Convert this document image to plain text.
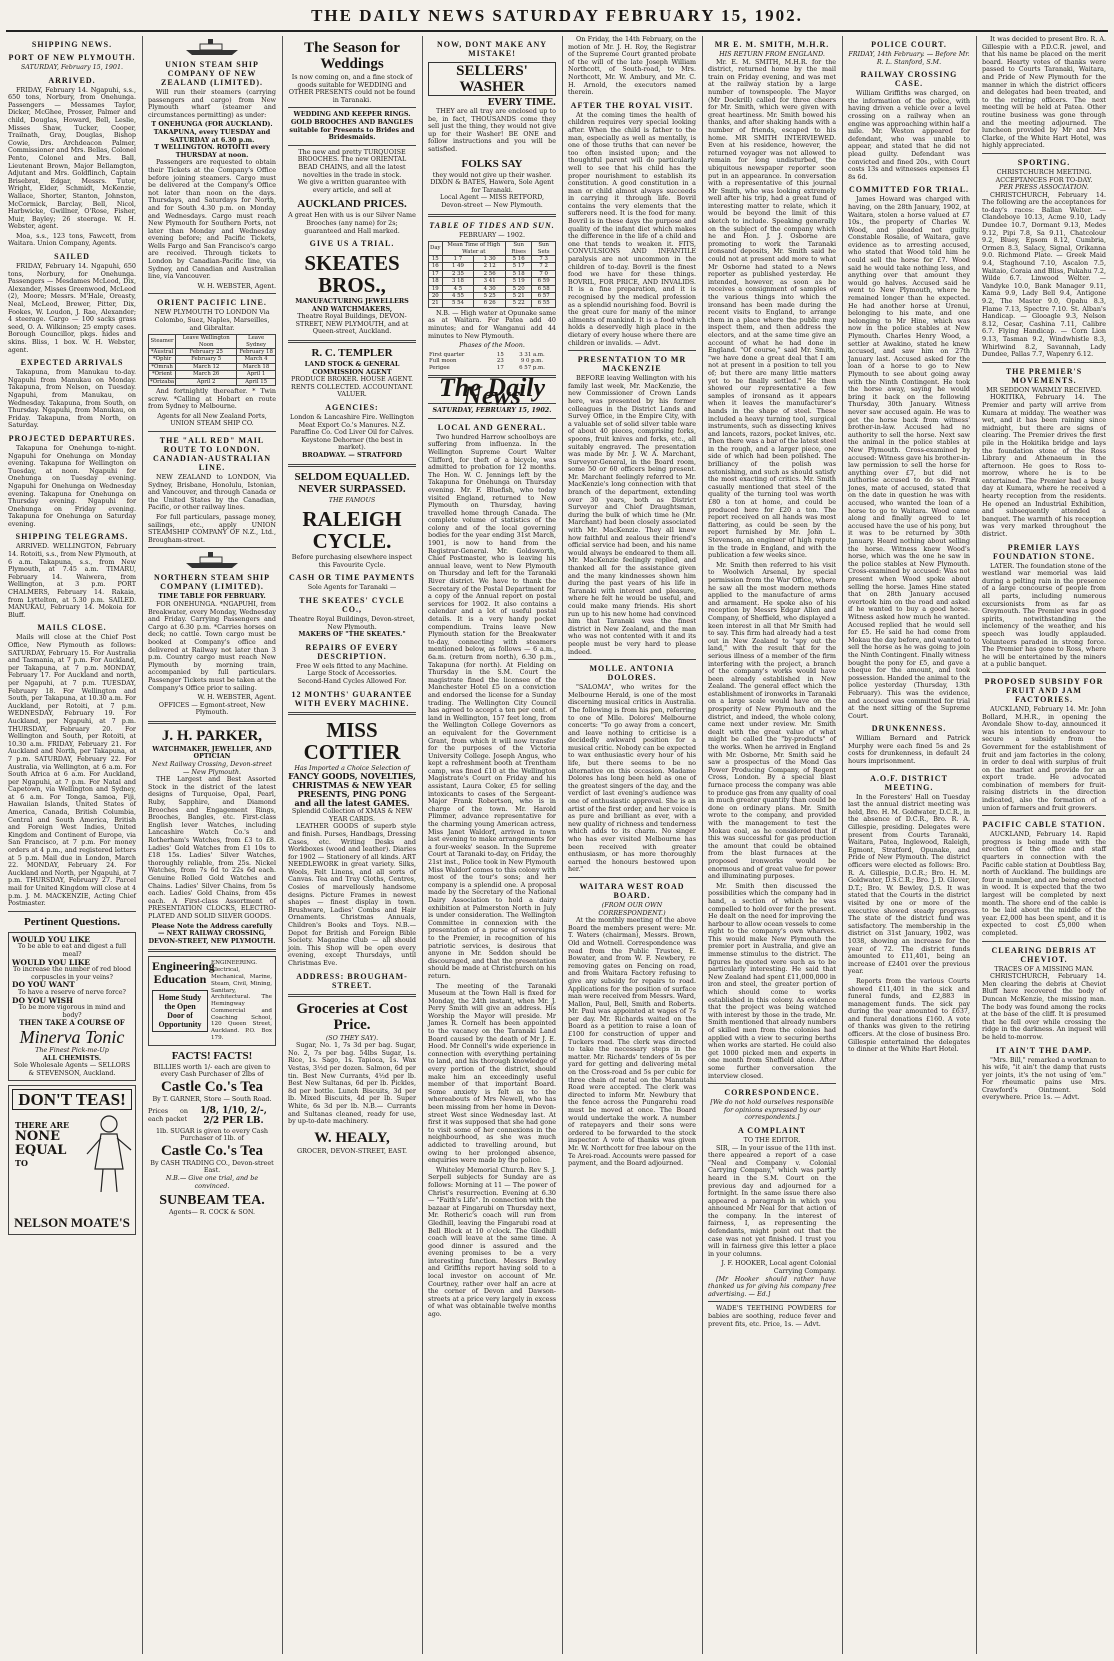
THE DAILY NEWS SATURDAY FEBRUARY 15, 1902.
SHIPPING NEWS.
PORT OF NEW PLYMOUTH.
SATURDAY, February 15, 1901.
ARRIVED.
FRIDAY, February 14. Ngapuhi, s.s., 650 tons, Norbury, from Onehunga. Passengers — Messames Taylor, Dicker, McGhee, Prosser, Palmer and child, Douglas, Howard, Bell, Leslie, Misses Shaw, Tucker, Cooper, Trailnath, Gray, Douglas, Bishop Cowie, Drs. Archdeacon Palmer, Commissioner and Mrs. Bellas, Colonel Pento, Colonel and Mrs. Ball, Lieutenant Brown, Major Bellamgton, Adjutant and Mrs. Goldflinch, Captain Brisebrat, Edgar, Messrs. Tutor, Wright, Elder, Schmidt, McKenzie, Wallace, Shorter, Stanton, Johnston, McCormick, Barclay, Bell, Nicol, Harbwicke, Gwillner, O'Rose, Fisher, Muir, Bayley; 26 steerage. W. H. Webster, agent.
Moa, s.s., 123 tons, Fawcett, from Waitara. Union Company, Agents.
SAILED
FRIDAY, February 14. Ngapuhi, 650 tons, Norbury, for Onehunga. Passengers — Mesdames McLeod, Dix, Alexander, Misses Greenwood, McLeod (2), Moore; Messrs. M'Hale, Oreasty, Neal, McLeod, Brewer, Pitter, Dix, Fookes, W. Loudon, J. Rae, Alexander; 4 steerage. Cargo — 100 sacks grass seed, O. A. Wilkinson; 25 empty cases. Borough Councillor, pkgs. hides and skins. Bliss, 1 box. W. H. Webster, agent.
EXPECTED ARRIVALS
Takapuna, from Manukau to-day. Ngapuhi from Manukau on Monday. Takapuna, from Nelson, on Tuesday. Ngapuhi, from Manukau, on Wednesday. Takapuna, from South, on Thursday. Ngapuhi, from Manukau, on Friday. Takapuna, from North, on Saturday.
PROJECTED DEPARTURES.
Takapuna for Onehunga to-night. Ngapuhi for Onehunga on Monday evening. Takapuna for Wellington on Tuesday, at noon. Ngapuhi for Onehunga on Tuesday evening. Ngapuhi for Onehunga on Wednesday evening. Takapuna for Onehunga on Thursday evening. Ngapuhi for Onehunga on Friday evening. Takapuna for Onehunga on Saturday evening.
SHIPPING TELEGRAMS.
ARRIVED. WELLINGTON, February 14. Rotoiti, s.s., from New Plymouth, at 6 a.m. Takapuna, s.s., from New Plymouth, at 7.45 a.m. TIMARU, February 14. Waiwera, from Wellington, at 3 p.m. PORT CHALMERS, February 14. Rakaia, from Lyttelton, at 5.30 p.m. SAILED. MANUKAU, February 14. Mokoia for Bluff.
MAILS CLOSE.
Mails will close at the Chief Post Office, New Plymouth as follows: SATURDAY, February 15. For Australia and Tasmania, at 7 p.m. For Auckland, per Takapuna, at 7 p.m. MONDAY, February 17. For Auckland and north, per Ngapuhi, at 7 p.m. TUESDAY, February 18. For Wellington and South, per Takapuna, at 10.30 a.m. For Auckland, per Rotoiti, at 7 p.m. WEDNESDAY, February 19. For Auckland, per Ngapuhi, at 7 p.m. THURSDAY, February 20. For Wellington and South, per Rotoiti, at 10.30 a.m. FRIDAY, February 21. For Auckland and North, per Takapuna, at 7 p.m. SATURDAY, February 22. For Australia, via Wellington, at 6 a.m. For South Africa at 6 a.m. For Auckland, per Ngapuhi, at 7 p.m. For Natal and Capetown, via Wellington and Sydney, at 6 a.m. For Tonga, Samoa, Fiji, Hawaiian Islands, United States of America, Canada, British Columbia, Central and South America, British and Foreign West Indies, United Kingdom and Continent of Europe, via San Francisco, at 7 p.m. For money orders at 4 p.m., and registered letters at 5 p.m. Mail due in London, March 22. MONDAY, February 24. For Auckland and North, per Ngapuhi, at 7 p.m. THURSDAY, February 27. Parcel mail for United Kingdom will close at 4 p.m. J. M. MACKENZIE, Acting Chief Postmaster.
Pertinent Questions.
WOULD YOU LIKE
To be able to eat and digest a full meal?
WOULD YOU LIKE
To increase the number of red blood corpuscles in your veins?
DO YOU WANT
To have a reserve of nerve force?
DO YOU WISH
To be more vigorous in mind and body?
THEN TAKE A COURSE OF
Minerva Tonic
The Finest Pick-me-Up
ALL CHEMISTS.
Sole Wholesale Agents — SELLORS & STEVENSON, Auckland.
DON'T TEAS!
THERE ARE
NONE
EQUAL
TO
NELSON MOATE'S
UNION STEAM SHIP COMPANY OF NEW ZEALAND (LIMITED).
Will run their steamers (carrying passengers and cargo) from New Plymouth wharf (steamer and circumstances permitting) as under:
T ONEHUNGA (FOR AUCKLAND). TAKAPUNA, every TUESDAY and SATURDAY at 6.30 p.m.
T WELLINGTON. ROTOITI every THURSDAY at noon.
Passengers are requested to obtain their Tickets at the Company's Office before joining steamers. Cargo must be delivered at the Company's Office not later than noon on the days. Thursdays, and Saturdays for North, and for South 4.30 p.m. on Monday and Wednesdays. Cargo must reach New Plymouth for Southern Ports, not later than Monday and Wednesday evening before; and Pacific Tickets, Wells Fargo and San Francisco's cargo are received. Through tickets to London by Canadian-Pacific line, via Sydney, and Canadian and Australian line, via Vancouver.
W. H. WEBSTER, Agent.
ORIENT PACIFIC LINE.
NEW PLYMOUTH TO LONDON Via Colombo, Suez, Naples, Marseilles, and Gibraltar.
Steamer	Leave Wellington Noon	Leave Sydney
*Austral	February 25	February 18
*Ophir	February 5	March 4
*Omrah	March 12	March 18
*Orient	March 26	April 1
*Orizaba	April 2	April 15
And fortnightly thereafter. * Twin screw. *Calling at Hobart en route from Sydney to Melbourne.
Agents for all New Zealand Ports, UNION STEAM SHIP CO.
THE "ALL RED" MAIL ROUTE TO LONDON. CANADIAN-AUSTRALIAN LINE.
NEW ZEALAND to LONDON, Via Sydney, Brisbane, Honolulu, Istonian, and Vancouver, and through Canada or the United States by the Canadian, Pacific, or other railway lines.
For full particulars, passage money, sailings, etc., apply UNION STEAMSHIP COMPANY OF N.Z., Ltd., Brougham-street.
NORTHERN STEAM SHIP COMPANY (LIMITED).
TIME TABLE FOR FEBRUARY.
FOR ONEHUNGA. *NGAPUHI, from Breakwater, every Monday, Wednesday and Friday. Carrying Passengers and Cargo at 6.30 p.m. *Carries horses on deck; no cattle. Town cargo must be booked at Company's office and delivered at Railway not later than 3 p.m. Country cargo must reach New Plymouth by morning train, accompanied by full particulars. Passenger Tickets must be taken at the Company's Office prior to sailing.
W. H. WEBSTER, Agent.
OFFICES — Egmont-street, New Plymouth.
J. H. PARKER,
WATCHMAKER, JEWELLER, AND OPTICIAN
Next Railway Crossing, Devon-street — New Plymouth.
THE Largest and Best Assorted Stock in the district of the latest designs of Turquoise, Opal, Pearl, Ruby, Sapphire, and Diamond Brooches and Engagement Rings, Brooches, Bangles, etc. First-class English lever Watches, including Lancashire Watch Co.'s and Rotherham's Watches, from £3 to £8. Ladies' Gold Watches from £1 10s to £18 15s. Ladies' Silver Watches, thoroughly reliable, from 25s. Nickel Watches, from 7s 6d to 22s 6d each. Genuine Rolled Gold Watches and Chains. Ladies' Silver Chains, from 5s each. Ladies' Gold Chains, from 45s each. A First-class Assortment of PRESENTATION CLOCKS, ELECTRO-PLATED AND SOLID SILVER GOODS.
Please Note the Address carefully — NEXT RAILWAY CROSSING, DEVON-STREET, NEW PLYMOUTH.
Engineering Education
Home Study the Open Door of Opportunity
ENGINEERING. Electrical, Mechanical, Marine, Steam, Civil, Mining, Sanitary, Architectural. The Hemingway Commercial and Coaching School, 120 Queen Street, Auckland. P.O. Box 179.
FACTS! FACTS!
BILLIES worth 1/- each are given to every Cash Purchaser of 2lbs of
Castle Co.'s Tea
By T. GARNER, Store — South Road.
Prices on each packet
1/8, 1/10, 2/-, 2/2 PER LB.
1lb. SUGAR is given to every Cash Purchaser of 1lb. of
Castle Co.'s Tea
By CASH TRADING CO., Devon-street East.
N.B.— Give one trial, and be convinced.
SUNBEAM TEA.
Agents— R. COCK & SON.
The Season for Weddings
Is now coming on, and a fine stock of goods suitable for WEDDING and OTHER PRESENTS could not be found in Taranaki.
WEDDING AND KEEPER RINGS. GOLD BROOCHES AND BANGLES suitable for Presents to Brides and Bridesmaids.
The new and pretty TURQUOISE BROOCHES. The new ORIENTAL BEAD CHAINS, and all the latest novelties in the trade in stock.
We give a written guarantee with every article, and sell at
AUCKLAND PRICES.
A great Hen with us is our Silver Name Brooches (any name) for 2s; guaranteed and Hall marked.
GIVE US A TRIAL.
SKEATES BROS.,
MANUFACTURING JEWELLERS AND WATCHMAKERS,
Theatre Royal Buildings, DEVON-STREET, NEW PLYMOUTH, and at Queen-street, Auckland.
R. C. TEMPLER
LAND STOCK & GENERAL COMMISSION AGENT
PRODUCE BROKER. HOUSE AGENT. RENTS COLLECTED. ACCOUNTANT. VALUER.
AGENCIES:
London & Lancashire Fire. Wellington Meat Export Co.'s Manures. N.Z. Paraffine Co. Cod Liver Oil for Calves. Keystone Dehorner (the best in market).
BROADWAY. — STRATFORD
SELDOM EQUALLED. NEVER SURPASSED.
THE FAMOUS
RALEIGH CYCLE.
Before purchasing elsewhere inspect this Favourite Cycle.
CASH OR TIME PAYMENTS
Sole Agents for Taranaki —
THE SKEATES' CYCLE CO.,
Theatre Royal Buildings, Devon-street, New Plymouth.
MAKERS OF "THE SKEATES."
REPAIRS OF EVERY DESCRIPTION.
Free W eels fitted to any Machine. Large Stock of Accessories.
Second-Hand Cycles Allowed For.
12 MONTHS' GUARANTEE WITH EVERY MACHINE.
MISS COTTIER
Has Imported a Choice Selection of
FANCY GOODS, NOVELTIES, CHRISTMAS & NEW YEAR PRESENTS, PING PONG and all the latest GAMES.
Splendid Collection of XMAS & NEW YEAR CARDS.
LEATHER GOODS of superb style and finish. Purses, Handbags, Dressing Cases, etc. Writing Desks and Workboxes (wood and leather). Diaries for 1902 — Stationery of all kinds. ART NEEDLEWORK in great variety. Silks, Wools, Felt Linens, and all sorts of Canvas. Tea and Tray Cloths, Centres, Cosies of marvellously handsome designs. Picture Frames in newest shapes — finest display in town. Brushware, Ladies' Combs and Hair Ornaments. Christmas Annuals, Children's Books and Toys. N.B.— Depot for British and Foreign Bible Society. Magazine Club — all should join. This Shop will be open every evening, except Thursdays, until Christmas Eve.
ADDRESS: BROUGHAM-STREET.
Groceries at Cost Price.
(SO THEY SAY).
Sugar, No. 1, 7s 3d per bag. Sugar, No. 2, 7s per bag. 54lbs Sugar, 1s. Rice, 1s. Sago, 1s. Tapioca, 1s. Wax Vestas, 3½d per dozen. Salmon, 6d per tin. Best New Currants, 4½d per lb. Best New Sultanas, 6d per lb. Pickles, 8d per bottle. Lunch Biscuits, 3d per lb. Mixed Biscuits, 4d per lb. Super White, 6s 3d per lb. N.B.— Currants and Sultanas cleaned, ready for use, by up-to-date machinery.
W. HEALY,
GROCER, DEVON-STREET, EAST.
NOW, DONT MAKE ANY MISTAKE!
SELLERS' WASHER
EVERY TIME.
THEY are all tray are enclosed up to be, in fact, THOUSANDS come they sell just the thing, they would not give up for their Washer! BE ONE and follow instructions and you will be satisfied.
FOLKS SAY
they would not give up their washer. DIXON & BATES, Hawera, Sole Agent for Taranaki.
Local Agent — MISS RETFORD, Devon-street — New Plymouth.
TABLE OF TIDES AND SUN.
FEBRUARY — 1902.
Day	Mean Time of High Water at		Sun Rises	Sun Sets
15	1 7	1 30	5 16	7 3
16	1 49	2 12	5 17	7 2
17	2 35	2 56	5 18	7 0
18	3 18	3 41	5 19	6 59
19	4 5	4 30	5 20	6 58
20	4 55	5 25	5 21	6 57
21	5 54	6 26	5 22	6 55
N.B. — High water at Opunake same as at Waitara. For Patea add 40 minutes; and for Wanganui add 44 minutes to New Plymouth.
Phases of the Moon.
First quarter	15	3 31 a.m.
Full moon	23	9 0 p.m.
Perigee	17	6 57 p.m.
The Daily News
SATURDAY, FEBRUARY 15, 1902.
LOCAL AND GENERAL.
Two hundred Harrow schoolboys are suffering from influenza. In the Wellington Supreme Court Walter Clifford, for theft of a bicycle, was admitted to probation for 12 months. The Hon. W. C. Jennings left by the Takapuna for Onehunga on Thursday evening. Mr. F. Bluefish, who today visited England, returned to New Plymouth on Thursday, having travelled home through Canada. The complete volume of statistics of the colony and of the local governing bodies for the year ending 31st March, 1901, is now to hand from the Registrar-General. Mr. Goldsworth, Chief Postmaster, who is leaving his annual leave, went to New Plymouth on Thursday and left for the Taranaki River district. We have to thank the Secretary of the Postal Department for a copy of the Annual report on postal services for 1902. It also contains a calendar and a lot of useful postal details. It is a very handy pocket compendium. Trains leave New Plymouth station for the Breakwater to-day, connecting with steamers mentioned below, as follows — 6 a.m., 6a.m. (return from north), 6.30 p.m., Takapuna (for north). At Fielding on Thursday in the S.M. Court the magistrate fined the licensee of the Manchester Hotel £5 on a conviction and endorsed the license for a Sunday trading. The Wellington City Council has agreed to accept a ten per cent. of land in Wellington, 157 feet long, from the Wellington College Governors as an equivalent for the Government Grant, from which it will now transfer for the purposes of the Victoria University College. Joseph Angus, who kept a refreshment booth at Trentham camp, was fined £10 at the Wellington Magistrate's Court on Friday and his assistant, Laura Coker, £5 for selling intoxicants to cases of the Sergeant-Major Frank Robertson, who is in charge of the town. Mr. Harold Plimmer, advance representative for the charming young American actress, Miss Janet Waldorf, arrived in town last evening to make arrangements for a four-weeks' season. In the Supreme Court at Taranaki to-day, on Friday, the 21st inst., Police took in New Plymouth Miss Waldorf comes to this colony with most of the tour's sons; and her company is a splendid one. A proposal made by the Secretary of the National Dairy Association to hold a dairy exhibition at Palmerston North in July is under consideration. The Wellington Committee in connexion with the presentation of a purse of sovereigns to the Premier, in recognition of his patriotic services, is desirous that anyone in Mr. Seddon should be discouraged, and that the presentation should be made at Christchurch on his return.
The meeting of the Taranaki Museum at the Town Hall is fixed for Monday, the 24th instant, when Mr. J. Perry Smith will give an address. His Worship the Mayor will preside. Mr James R. Cornelt has been appointed to the vacancy on the Taranaki Land Board caused by the death of Mr J. E. Hood. Mr Connell's wide experience in connection with everything pertaining to land, and his thorough knowledge of every portion of the district, should make him an exceedingly useful member of that important Board. Some anxiety is felt as to the whereabouts of Mrs Newell, who has been missing from her home in Devon-street West since Wednesday last. At first it was supposed that she had gone to visit some of her connexions in the neighbourhood, as she was much addicted to travelling around, but owing to her prolonged absence, enquiries were made by the police.
Whiteley Memorial Church. Rev S. J. Serpell subjects for Sunday are as follows: Morning at 11 — The power of Christ's resurrection. Evening at 6.30 — "Faith's Life". In connection with the bazaar at Fingarubi on Thursday next, Mr. Rotheric's coach will run from Gledhill, leaving the Fingarubi road at Bell Block at 10 o'clock. The Gledhill coach will leave at the same time. A good dinner is assured and the evening promises to be a very interesting function. Messrs Bewley and Griffiths report having sold to a local investor on account of Mr. Courtney, rather over half an acre at the corner of Devon and Dawson-streets at a price very largely in excess of what was obtainable twelve months ago.
On Friday, the 14th February, on the motion of Mr. J. H. Roy, the Registrar of the Supreme Court granted probate of the will of the late Joseph William Northcott, of South-road, to Mrs. Northcott, Mr. W. Ambury, and Mr. C. H. Arnold, the executors named therein.
AFTER THE ROYAL VISIT.
At the coming times the health of children requires very special looking after. When the child is father to the man, especially as well as mentally, is one of those truths that can never be too often insisted upon; and the thoughtful parent will do particularly well to see that his child has the proper nourishment to establish its constitution. A good constitution in a man or child almost always succeeds in carrying it through life. Bovril contains the very elements that the sufferers need. It is the food for many. Bovril is in these days the purpose and quality of the infant diet which makes the difference in the life of a child and one that tends to weaken it. FITS, CONVULSIONS AND INFANTILE paralysis are not uncommon in the children of to-day. Bovril is the finest food we have for these things. BOVRIL, FOR PRICE, AND INVALIDS. It is a fine preparation, and it is recognised by the medical profession as a splendid nourishing food. Bovril is the great cure for many of the minor ailments of mankind. It is a food which holds a deservedly high place in the dietary of every house where there are children or invalids. — Advt.
PRESENTATION TO MR MACKENZIE
BEFORE leaving Wellington with his family last week, Mr. MacKenzie, the new Commissioner of Crown Lands here, was presented by his former colleagues in the District Lands and Survey Office, in the Empire City, with a valuable set of solid silver table ware of about 40 pieces, comprising forks, spoons, fruit knives and forks, etc., all suitably engraved. The presentation was made by Mr. J. W. A. Marchant, Surveyor-General, in the Board room, some 50 or 60 officers being present. Mr. Marchant feelingly referred to Mr. MacKenzie's long connection with that branch of the department, extending over 30 years, both as District Surveyor and Chief Draughtsman, during the bulk of which time he (Mr. Marchant) had been closely associated with Mr. MacKenzie. They all knew how faithful and zealous their friend's official service had been, and his name would always be endeared to them all. Mr. MacKenzie feelingly replied, and thanked all for the assistance given and the many kindnesses shown him during the past years of his life in Taranaki with interest and pleasure, where he felt he would be useful, and could make many friends. His short run up to his new home had convinced him that Taranaki was the finest district in New Zealand, and the man who was not contented with it and its people must be very hard to please indeed.
MOLLE. ANTONIA DOLORES.
"SALOMA", who writes for the Melbourne Herald, is one of the most discerning musical critics in Australia. The following is from his pen, referring to one of Mlle. Dolores' Melbourne concerts: "To go away from a concert, and leave nothing to criticise is a decidedly awkward position for a musical critic. Nobody can be expected to wax enthusiastic every hour of his life, but there seems to be no alternative on this occasion. Madame Dolores has long been held as one of the greatest singers of the day, and the verdict of last evening's audience was one of enthusiastic approval. She is an artist of the first order, and her voice is as pure and brilliant as ever, with a new quality of richness and tenderness which adds to its charm. No singer who has ever visited Melbourne has been received with greater enthusiasm, or has more thoroughly earned the honours bestowed upon her."
WAITARA WEST ROAD BOARD.
(FROM OUR OWN CORRESPONDENT.)
At the monthly meeting of the above Board the members present were: Mr. T. Waters (chairman), Messrs. Brown, Old and Wotnell. Correspondence was read from the Public Trustee, E. Bowater, and from W. F. Newbery, re removing gates on Fencing on road, and from Waitara Factory refusing to give any subsidy for repairs to road. Applications for the position of surface man were received from Messrs. Ward, Mallon, Paul, Bell, Smith and Roberts. Mr. Paul was appointed at wages of 7s per day. Mr. Richards waited on the Board as a petition to raise a loan of £100 for construction of upper and Tuckers road. The clerk was directed to take the necessary steps in the matter. Mr. Richards' tenders of 5s per yard for getting and delivering metal on the Cross-road and 5s per cubic for three chain of metal on the Manutahi Road were accepted. The clerk was directed to inform Mr. Newbury that the fence across the Pungarehu road must be moved at once. The Board would undertake the work. A number of ratepayers and their sons were ordered to be forwarded to the stock inspector. A vote of thanks was given Mr. W. Northcott for free labour on the Te Arei-road. Accounts were passed for payment, and the Board adjourned.
MR E. M. SMITH, M.H.R.
HIS RETURN FROM ENGLAND.
Mr. E. M. SMITH, M.H.R. for the district, returned home by the mail train on Friday evening, and was met at the railway station by a large number of townspeople. The Mayor (Mr Dockrill) called for three cheers for Mr. Smith, which were given with great heartiness. Mr. Smith bowed his thanks, and after shaking hands with a number of friends, escaped to his home. MR SMITH INTERVIEWED. Even at his residence, however, the returned voyager was not allowed to remain for long undisturbed, the ubiquitous newspaper reporter soon put in an appearance. In conversation with a representative of this journal Mr Smith, who was looking extremely well after his trip, had a great fund of interesting matter to relate, which it would be beyond the limit of this sketch to include. Speaking generally on the subject of the company which he and Hon. J. J. Osborne are promoting to work the Taranaki ironsand deposits, Mr. Smith said he could not at present add more to what Mr Osborne had stated to a News reporter as published yesterday. He intended, however, as soon as he receives a consignment of samples of the various things into which the ironsand has been made during the recent visits to England, to arrange them in a place where the public may inspect them, and then address the electors, and at the same time give an account of what he had done in England. "Of course," said Mr. Smith, "we have done a great deal that I am not at present in a position to tell you of; but there are many little matters yet to be finally settled." He then showed our representative a few samples of ironsand as it appears when it leaves the manufacturer's hands in the shape of steel. These included a heavy turning tool, surgical instruments, such as dissecting knives and lancets, razors, pocket knives, etc. Then there was a bar of the latest steel in the rough, and a larger piece, one side of which had been polished. The brilliancy of the polish was astonishing, and such as should satisfy the most exacting of critics. Mr. Smith casually mentioned that steel of the quality of the turning tool was worth £80 a ton at home, and could be produced here for £20 a ton. The report received on all hands was most flattering, as could be seen by the report furnished by Mr. John L. Stevenson, an engineer of high repute in the trade in England, and with the publication a few weeks since.
Mr. Smith then referred to his visit to Woolwich Arsenal, by special permission from the War Office, where he saw all the most modern methods applied to the manufacture of arms and armament. He spoke also of his reception by Messrs Edgar Allen and Company, of Sheffield, who displayed a keen interest in all that Mr Smith had to say. This firm had already had a test out in New Zealand to "spy out the land," with the result that for the serious illness of a member of the firm interfering with the project, a branch of the company's works would have been already established in New Zealand. The general effect which the establishment of ironworks in Taranaki on a large scale would have on the prosperity of New Plymouth and the district, and indeed, the whole colony, came next under review. Mr. Smith dealt with the great value of what might be called the "by-products" of the works. When he arrived in England with Mr. Osborne, Mr. Smith said he saw a prospectus of the Mond Gas Power Producing Company, of Regent Cross, London. By a special blast furnace process the company was able to produce gas from any quality of coal in much greater quantity than could be done on ordinary plans. Mr. Smith wrote to the company, and provided with the management to test the Mokau coal, as he considered that if this was successful for gas production the amount that could be obtained from the blast furnaces at the proposed ironworks would be enormous and of great value for power and illuminating purposes.
Mr. Smith then discussed the possibilities which the company had in hand, a section of which he was compelled to hold over for the present. He dealt on the need for improving the harbour to allow ocean vessels to come right to the company's own wharves. This would make New Plymouth the premier port in Australia, and give an immense stimulus to the district. The figures he quoted were such as to be particularly interesting. He said that New Zealand had spent £11,000,000 in iron and steel, the greater portion of which should come to works established in this colony. As evidence that the project was being watched with interest by those in the trade, Mr. Smith mentioned that already numbers of skilled men from the colonies had applied with a view to securing berths when works are started. He could also get 1000 picked men and experts in one month from Sheffield alone. After some further conversation the interview closed.
CORRESPONDENCE.
[We do not hold ourselves responsible for opinions expressed by our correspondents.]
A COMPLAINT
TO THE EDITOR.
SIR, — In your issue of the 11th inst. there appeared a report of a case "Neal and Company v. Colonial Carrying Company," which was partly heard in the S.M. Court on the previous day and adjourned for a fortnight. In the same issue there also appeared a paragraph in which you announced Mr Neal for that action of the company. In the interest of fairness, I, as representing the defendants, might point out that the case was not yet finished. I trust you will in fairness give this letter a place in your columns.
J. F. HOOKER, Local agent Colonial Carrying Company.
[Mr Hooker should rather have thanked us for giving his company free advertising. — Ed.]
WADE'S TEETHING POWDERS for babies are soothing, reduce fever and prevent fits, etc. Price, 1s. — Advt.
POLICE COURT.
FRIDAY, 14th February. — Before Mr. R. L. Stanford, S.M.
RAILWAY CROSSING CASE.
William Griffiths was charged, on the information of the police, with having driven a vehicle over a level crossing on a railway when an engine was approaching within half a mile. Mr. Weston appeared for defendant, who was unable to appear, and stated that he did not plead guilty. Defendant was convicted and fined 20s., with Court costs 13s and witnesses expenses £1 8s 6d.
COMMITTED FOR TRIAL.
James Howard was charged with having, on the 28th January, 1902, at Waitara, stolen a horse valued at £7 10s., the property of Charles W. Wood, and pleaded not guilty. Constable Rosalie, of Waitara, gave evidence as to arresting accused, who stated that Wood told him he could sell the horse for £7. Wood said he would take nothing less, and anything over that amount they would go halves. Accused said he went to New Plymouth, where he remained longer than he expected. He had another horse at Urenui, belonging to his mate, and one belonging to Mr Hine, which was now in the police stables at New Plymouth. Charles Henry Wood, a settler at Awakino, stated he knew accused, and saw him on 27th January last. Accused asked for the loan of a horse to go to New Plymouth to see about going away with the Ninth Contingent. He took the horse away, saying he would bring it back on the following Thursday, 30th January. Witness never saw accused again. He was to get the horse back from witness' brother-in-law. Accused had no authority to sell the horse. Next saw the animal in the police stables at New Plymouth. Cross-examined by accused: Witness gave his brother-in-law permission to sell the horse for anything over £7, but did not authorise accused to do so. Frank Jones, mate of accused, stated that on the date in question he was with accused, who wanted the loan of a horse to go to Waitara. Wood came along and finally agreed to let accused have the use of his pony, but it was to be returned by 30th January. Heard nothing about selling the horse. Witness knew Wood's horse, which was the one he saw in the police stables at New Plymouth. Cross-examined by accused: Was not present when Wood spoke about selling the horse. James Hine stated that on 28th January accused overtook him on the road and asked if he wanted to buy a good horse. Witness asked how much he wanted. Accused replied that he would sell for £5. He said he had come from Mokau the day before, and wanted to sell the horse as he was going to join the Ninth Contingent. Finally witness bought the pony for £5, and gave a cheque for the amount, and took possession. Handed the animal to the police yesterday (Thursday, 13th February). This was the evidence, and accused was committed for trial at the next sitting of the Supreme Court.
DRUNKENNESS.
William Bernard and Patrick Murphy were each fined 5s and 2s costs for drunkenness, in default 24 hours imprisonment.
A.O.F. DISTRICT MEETING.
In the Foresters' Hall on Tuesday last the annual district meeting was held, Bro. H. M. Goldwater, D.C.R., in the absence of D.C.R., Bro. R. A. Gillespie, presiding. Delegates were present from Courts Taranaki, Waitara, Patea, Inglewood, Raleigh, Egmont, Stratford, Opunake, and Pride of New Plymouth. The district officers were elected as follows: Bro. R. A. Gillespie, D.C.R.; Bro. H. M. Goldwater, D.S.C.R.; Bro. J. D. Glover, D.T.; Bro. W. Bewley, D.S. It was stated that the Courts in the district visited by one or more of the executive showed steady progress. The state of the district fund was satisfactory. The membership in the district on 31st January, 1902, was 1038, showing an increase for the year of 72. The district funds amounted to £11,401, being an increase of £2401 over the previous year.
Reports from the various Courts showed £11,401 in the sick and funeral funds, and £2,883 in management funds. The sick pay during the year amounted to £637, and funeral donations £160. A vote of thanks was given to the retiring officers. At the close of business Bro. Gillespie entertained the delegates to dinner at the White Hart Hotel.
It was decided to present Bro. R. A. Gillespie with a P.D.C.R. jewel, and that his name be placed on the merit board. Hearty votes of thanks were passed to Courts Taranaki, Waitara, and Pride of New Plymouth for the manner in which the district officers and delegates had been treated, and to the retiring officers. The next meeting will be held at Patea. Other routine business was gone through and the meeting adjourned. The luncheon provided by Mr and Mrs Clarke, of the White Hart Hotel, was highly appreciated.
SPORTING.
CHRISTCHURCH MEETING.
ACCEPTANCES FOR TO-DAY.
PER PRESS ASSOCIATION.
CHRISTCHURCH, February 14. The following are the acceptances for to-day's races: Ballan Welter. — Clandeboye 10.13, Acme 9.10, Lady Dundee 10.7, Dormant 9.13, Medes 9.12, Pipi 7.8, Sa 9.11, Chatcolour 9.2, Bluey, Epsom 8.12, Cumbria, Ormen 8.3, Salacy, Signal, Orikanna 9.0. Richmond Plate. — Greek Maid 9.4, Staghound 7.10, Ascalon 7.5, Waitaio, Coraia and Bliss, Pukahu 7.2, Wilde 6.7. Linwood Welter. — Vandyke 10.0, Bank Manager 9.11, Kama 9.9, Lady Bell 9.4, Antigone 9.2, The Master 9.0, Opahu 8.3, Flame 7.13, Spectre 7.10. St. Alban's Handicap. — Glooagle 9.3, Nelson 8.12, Cesar, Cashina 7.11, Calibre 6.7. Flying Handicap. — Corn Lion 9.13, Tasman 9.2, Windwhistle 8.3, Whirlwind 8.2, Savannah, Lady Dundee, Pallas 7.7, Wapenry 6.12.
THE PREMIER'S MOVEMENTS.
MR SEDDON WARMLY RECEIVED.
HOKITIKA, February 14. The Premier and party will arrive from Kumara at midday. The weather was wet, and it has been raining since midnight, but there are signs of clearing. The Premier drives the first pile in the Hokitika bridge and lays the foundation stone of the Ross Library and Athenaeum in the afternoon. He goes to Ross to-morrow, where he is to be entertained. The Premier had a busy day at Kumara, where he received a hearty reception from the residents. He opened an Industrial Exhibition, and subsequently attended a banquet. The warmth of his reception was very marked throughout the district.
PREMIER LAYS FOUNDATION STONE.
LATER. The foundation stone of the westland war memorial was laid during a pelting rain in the presence of a large concourse of people from all parts, including numerous excursionists from as far as Greymouth. The Premier was in good spirits, notwithstanding the inclemency of the weather, and his speech was loudly applauded. Volunteers paraded in strong force. The Premier has gone to Ross, where he will be entertained by the miners at a public banquet.
PROPOSED SUBSIDY FOR FRUIT AND JAM FACTORIES.
AUCKLAND, February 14. Mr. John Bollard, M.H.R., in opening the Avondale Show to-day, announced it was his intention to endeavour to secure a subsidy from the Government for the establishment of fruit and jam factories in the colony, in order to deal with surplus of fruit on the market and provide for an export trade. He advocated combination of members for fruit-raising districts in the direction indicated, also the formation of a union of farmers and fruit growers.
PACIFIC CABLE STATION.
AUCKLAND, February 14. Rapid progress is being made with the erection of the office and staff quarters in connection with the Pacific cable station at Doubtless Bay, north of Auckland. The buildings are four in number, and are being erected in wood. It is expected that the two largest will be completed by next month. The shore end of the cable is to be laid about the middle of the year. £2,000 has been spent, and it is expected to cost £5,000 when completed.
CLEARING DEBRIS AT CHEVIOT.
TRACES OF A MISSING MAN.
CHRISTCHURCH, February 14. Men clearing the debris at Cheviot Bluff have recovered the body of Duncan McKenzie, the missing man. The body was found among the rocks at the base of the cliff. It is presumed that he fell over while crossing the ridge in the darkness. An inquest will be held to-morrow.
IT AIN'T THE DAMP.
"Mrs. Bill," remarked a workman to his wife, "it ain't the damp that rusts yer joints, it's the not using of 'em." For rheumatic pains use Mrs. Crawford's Ointment. Sold everywhere. Price 1s. — Advt.
